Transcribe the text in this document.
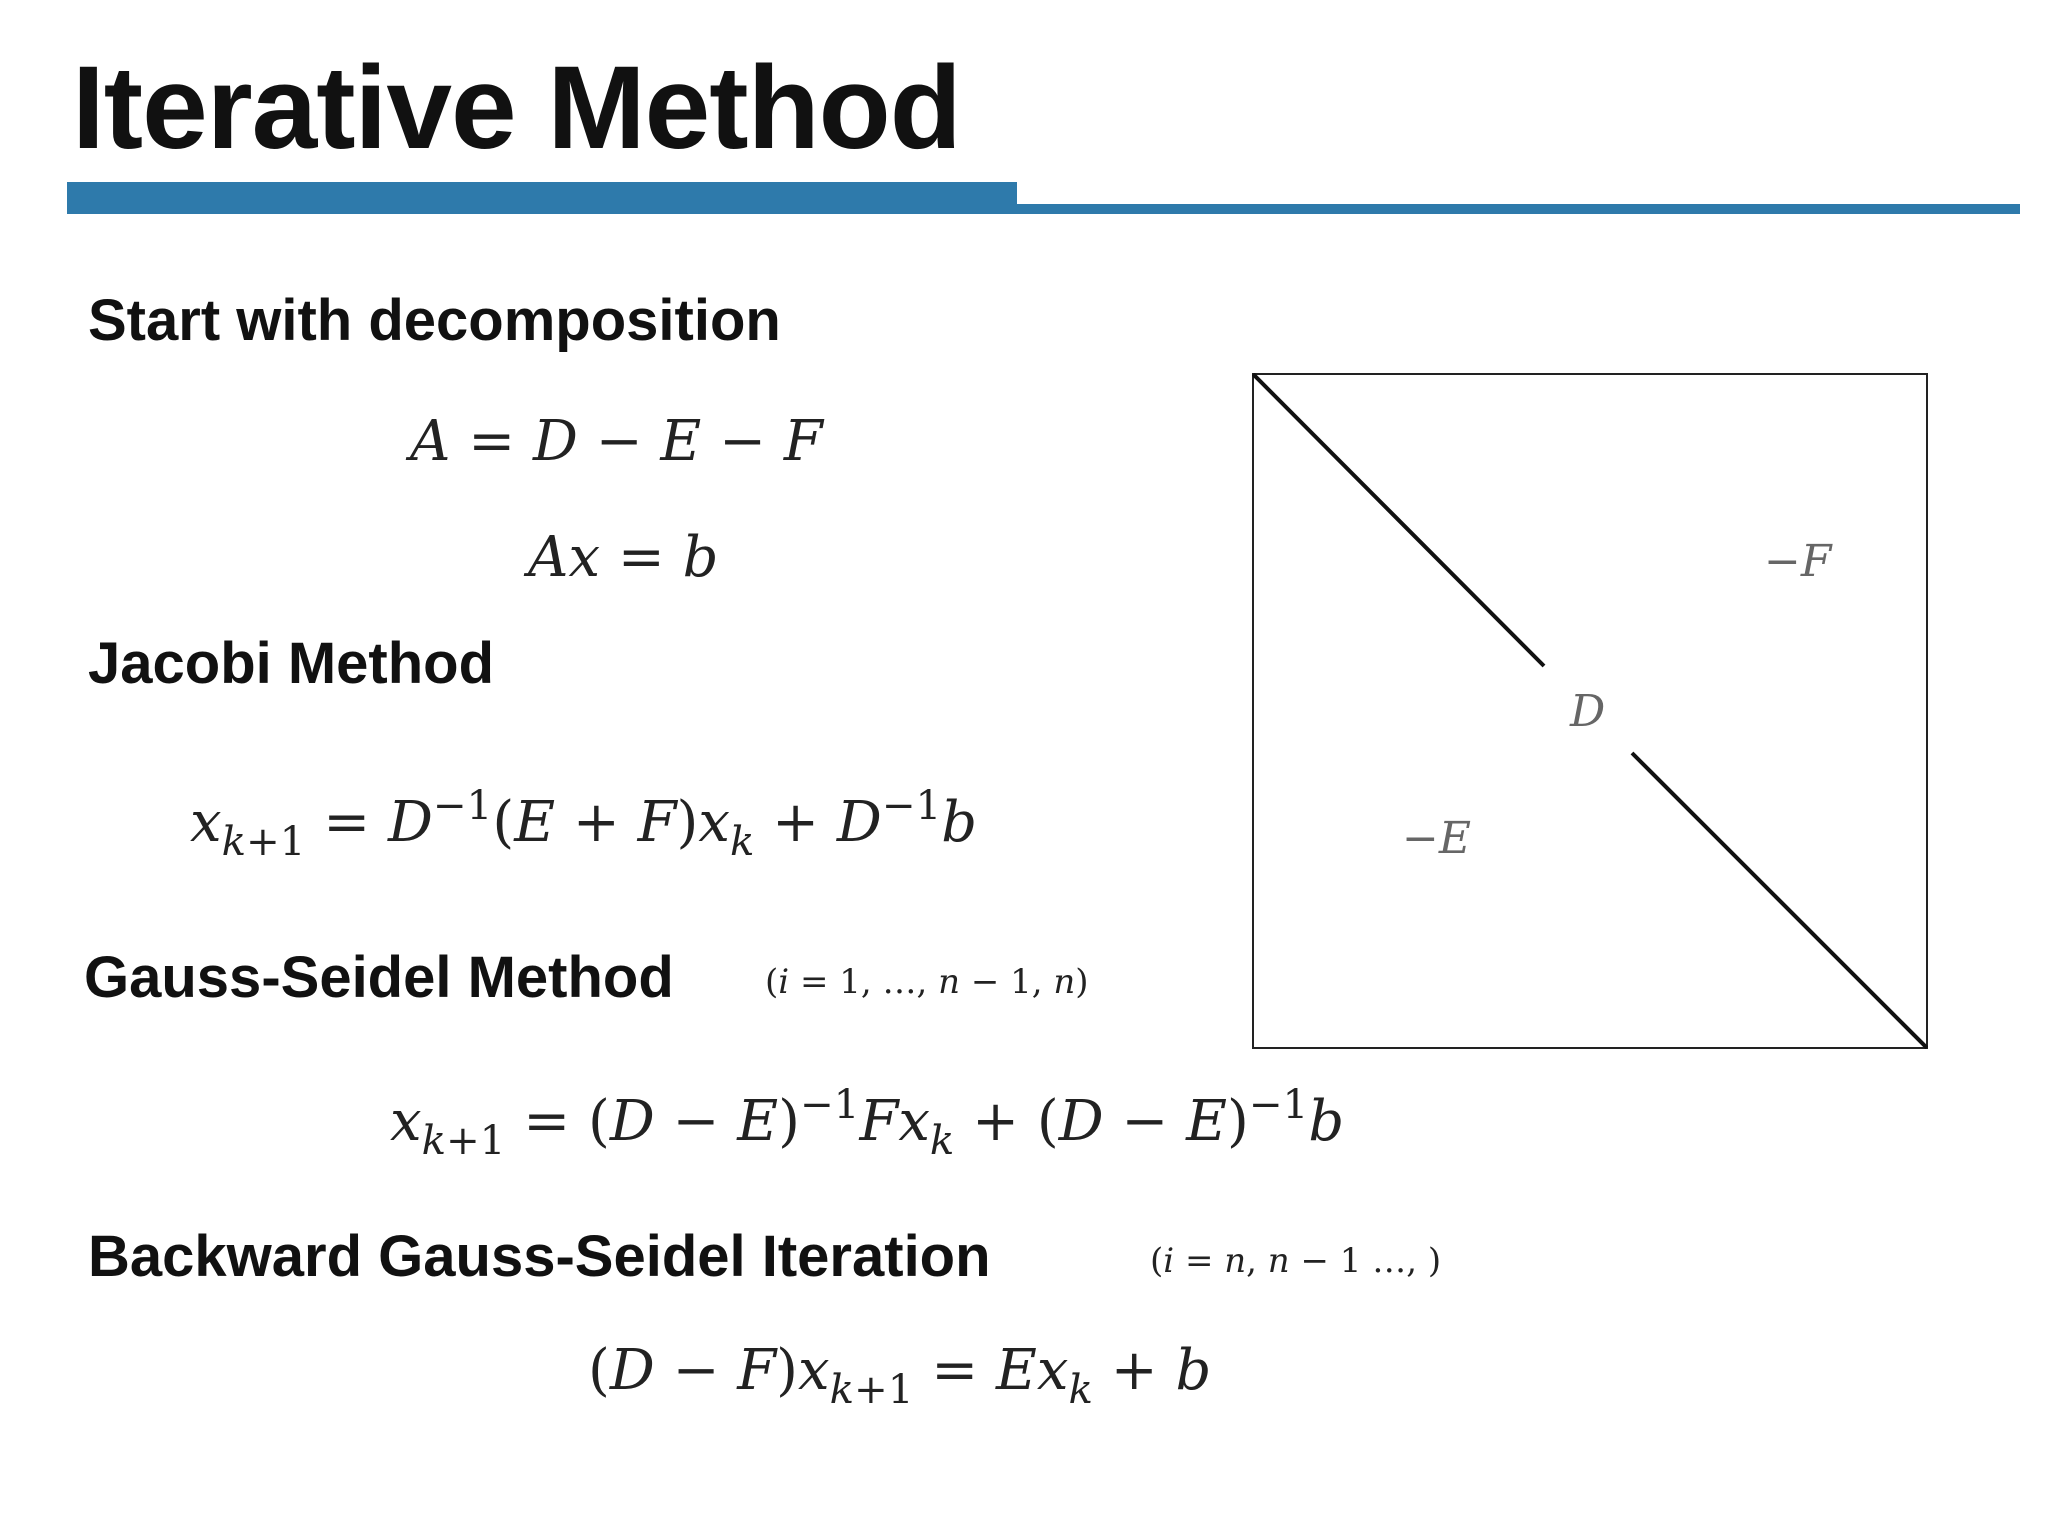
Iterative Method
Start with decomposition
A = D − E − F
Ax = b
Jacobi Method
$x_{k+1} = D^{-1}(E + F)x_k + D^{-1}b$
Gauss-Seidel Method	(i = 1, …, n − 1, n)
$x_{k+1} = (D - E)^{-1}Fx_k + (D - E)^{-1}b$
Backward Gauss-Seidel Iteration	(i = n, n − 1 …, )
$(D - F)x_{k+1} = Ex_k + b$
−F
D
−E
